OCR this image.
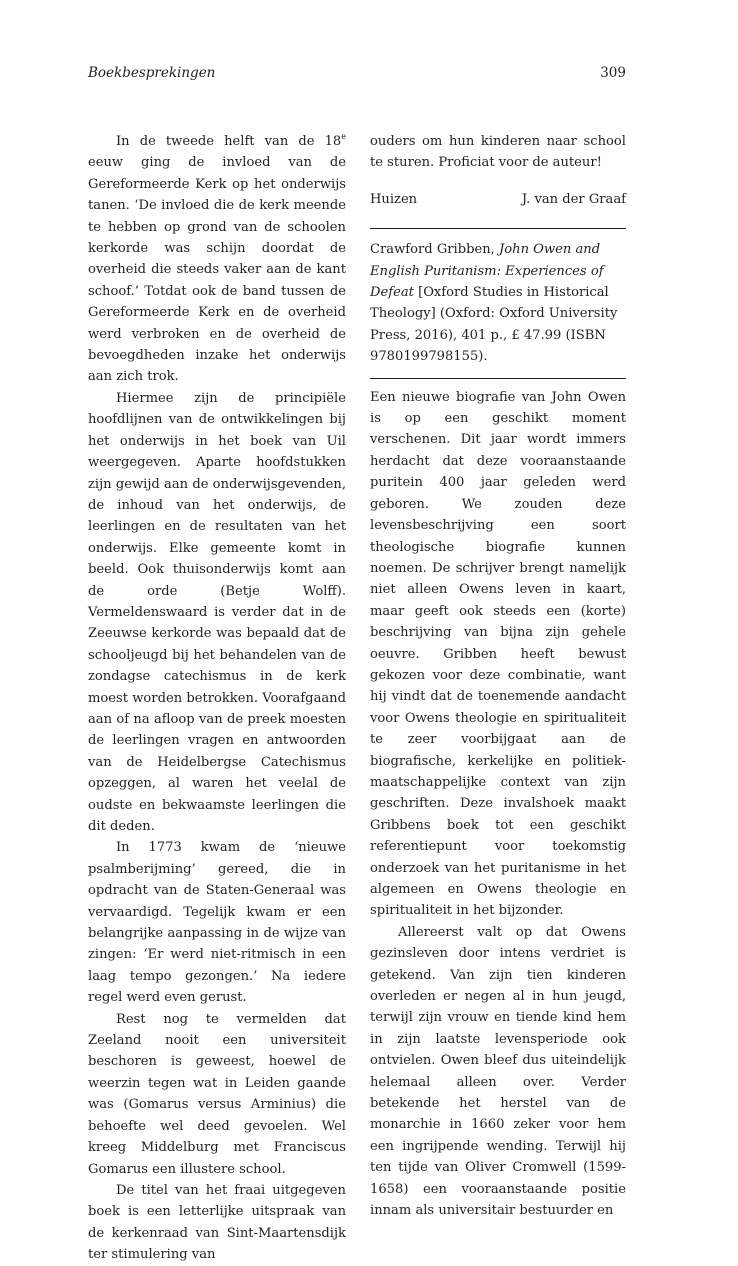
Boekbesprekingen	309

In de tweede helft van de 18e eeuw ging de invloed van de Gereformeerde Kerk op het onderwijs tanen. ‘De invloed die de kerk meende te hebben op grond van de schoolen kerkorde was schijn doordat de overheid die steeds vaker aan de kant schoof.’ Totdat ook de band tussen de Gereformeerde Kerk en de overheid werd verbroken en de overheid de bevoegdheden inzake het onderwijs aan zich trok.

Hiermee zijn de principiële hoofdlijnen van de ontwikkelingen bij het onderwijs in het boek van Uil weergegeven. Aparte hoofdstukken zijn gewijd aan de onderwijsgevenden, de inhoud van het onderwijs, de leerlingen en de resultaten van het onderwijs. Elke gemeente komt in beeld. Ook thuisonderwijs komt aan de orde (Betje Wolff). Vermeldenswaard is verder dat in de Zeeuwse kerkorde was bepaald dat de schooljeugd bij het behandelen van de zondagse catechismus in de kerk moest worden betrokken. Voorafgaand aan of na afloop van de preek moesten de leerlingen vragen en antwoorden van de Heidelbergse Catechismus opzeggen, al waren het veelal de oudste en bekwaamste leerlingen die dit deden.

In 1773 kwam de ‘nieuwe psalmberijming’ gereed, die in opdracht van de Staten-Generaal was vervaardigd. Tegelijk kwam er een belangrijke aanpassing in de wijze van zingen: ‘Er werd niet-ritmisch in een laag tempo gezongen.’ Na iedere regel werd even gerust.

Rest nog te vermelden dat Zeeland nooit een universiteit beschoren is geweest, hoewel de weerzin tegen wat in Leiden gaande was (Gomarus versus Arminius) die behoefte wel deed gevoelen. Wel kreeg Middelburg met Franciscus Gomarus een illustere school.

De titel van het fraai uitgegeven boek is een letterlijke uitspraak van de kerkenraad van Sint-Maartensdijk ter stimulering van

ouders om hun kinderen naar school te sturen. Proficiat voor de auteur!

Huizen	J. van der Graaf

Crawford Gribben, John Owen and English Puritanism: Experiences of Defeat [Oxford Studies in Historical Theology] (Oxford: Oxford University Press, 2016), 401 p., £ 47.99 (ISBN 9780199798155).

Een nieuwe biografie van John Owen is op een geschikt moment verschenen. Dit jaar wordt immers herdacht dat deze vooraanstaande puritein 400 jaar geleden werd geboren. We zouden deze levensbeschrijving een soort theologische biografie kunnen noemen. De schrijver brengt namelijk niet alleen Owens leven in kaart, maar geeft ook steeds een (korte) beschrijving van bijna zijn gehele oeuvre. Gribben heeft bewust gekozen voor deze combinatie, want hij vindt dat de toenemende aandacht voor Owens theologie en spiritualiteit te zeer voorbijgaat aan de biografische, kerkelijke en politiek-maatschappelijke context van zijn geschriften. Deze invalshoek maakt Gribbens boek tot een geschikt referentiepunt voor toekomstig onderzoek van het puritanisme in het algemeen en Owens theologie en spiritualiteit in het bijzonder.

Allereerst valt op dat Owens gezinsleven door intens verdriet is getekend. Van zijn tien kinderen overleden er negen al in hun jeugd, terwijl zijn vrouw en tiende kind hem in zijn laatste levensperiode ook ontvielen. Owen bleef dus uiteindelijk helemaal alleen over. Verder betekende het herstel van de monarchie in 1660 zeker voor hem een ingrijpende wending. Terwijl hij ten tijde van Oliver Cromwell (1599-1658) een vooraanstaande positie innam als universitair bestuurder en
